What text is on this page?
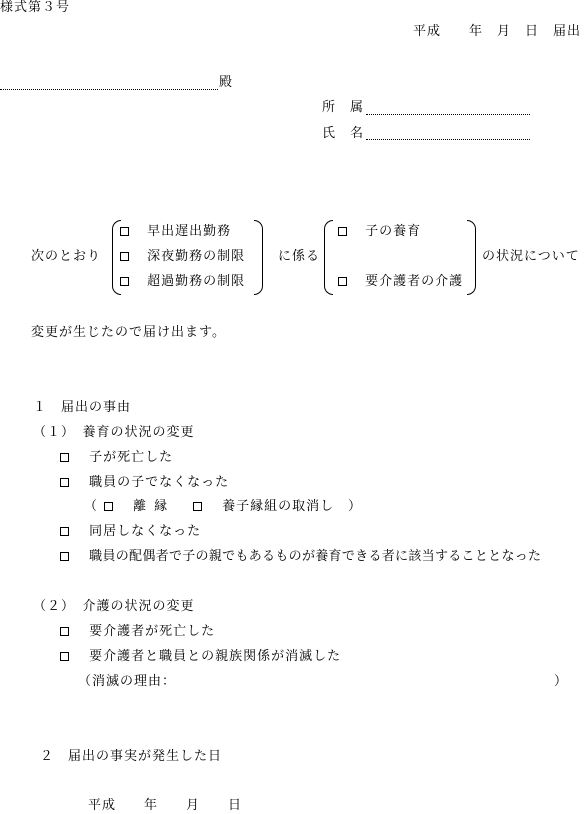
様式第３号
平成　　年　月　日　届出
殿
所　属
氏　名
次のとおり
早出遅出勤務
深夜勤務の制限
超過勤務の制限
に係る
子の養育
要介護者の介護
の状況について
変更が生じたので届け出ます。
１　届出の事由
（１）　養育の状況の変更
子が死亡した
職員の子でなくなった
（	離縁	養子縁組の取消し ）
同居しなくなった
職員の配偶者で子の親でもあるものが養育できる者に該当することとなった
（２）　介護の状況の変更
要介護者が死亡した
要介護者と職員との親族関係が消滅した
（消滅の理由：	）
２　届出の事実が発生した日
平成　　年　　月　　日
